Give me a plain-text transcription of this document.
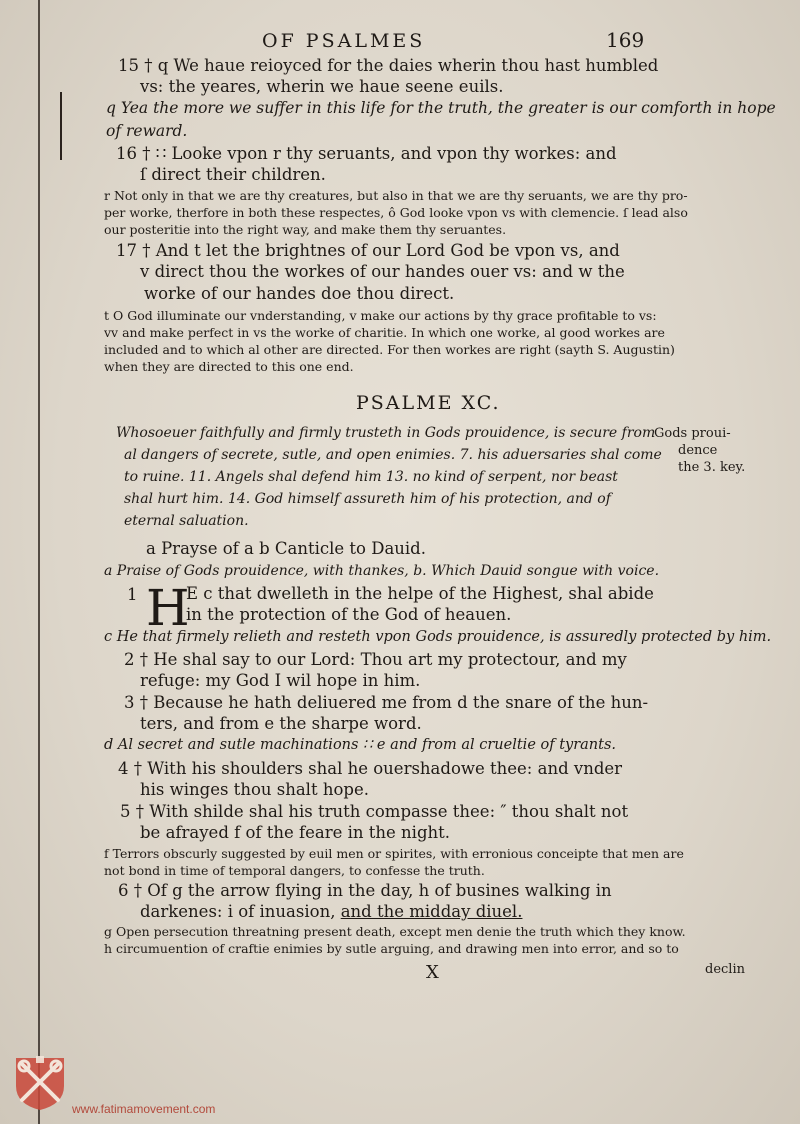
OF PSALMES	169
15 † q We haue reioyced for the daies wherin thou hast humbled
vs: the yeares, wherin we haue seene euils.
q Yea the more we suffer in this life for the truth, the greater is our comforth in hope
of reward.
16 † ∷ Looke vpon r thy seruants, and vpon thy workes: and
ſ direct their children.
r Not only in that we are thy creatures, but also in that we are thy seruants, we are thy pro-
per worke, therfore in both these respectes, ô God looke vpon vs with clemencie. ſ lead also
our posteritie into the right way, and make them thy seruantes.
17 † And t let the brightnes of our Lord God be vpon vs, and
v direct thou the workes of our handes ouer vs: and w the
worke of our handes doe thou direct.
t O God illuminate our vnderstanding, v make our actions by thy grace profitable to vs:
vv and make perfect in vs the worke of charitie. In which one worke, al good workes are
included and to which al other are directed. For then workes are right (sayth S. Augustin)
when they are directed to this one end.
PSALME XC.
Whosoeuer faithfully and firmly trusteth in Gods prouidence, is secure from
al dangers of secrete, sutle, and open enimies. 7. his aduersaries shal come
to ruine. 11. Angels shal defend him 13. no kind of serpent, nor beast
shal hurt him. 14. God himself assureth him of his protection, and of
eternal saluation.
Gods proui-
dence
the 3. key.
a Prayse of a b Canticle to Dauid.
a Praise of Gods prouidence, with thankes, b. Which Dauid songue with voice.
1 H
E c that dwelleth in the helpe of the Highest, shal abide
in the protection of the God of heauen.
c He that firmely relieth and resteth vpon Gods prouidence, is assuredly protected by him.
2 † He shal say to our Lord: Thou art my protectour, and my
refuge: my God I wil hope in him.
3 † Because he hath deliuered me from d the snare of the hun-
ters, and from e the sharpe word.
d Al secret and sutle machinations ∷ e and from al crueltie of tyrants.
4 † With his shoulders shal he ouershadowe thee: and vnder
his winges thou shalt hope.
5 † With shilde shal his truth compasse thee: ″ thou shalt not
be afrayed f of the feare in the night.
f Terrors obscurly suggested by euil men or spirites, with erronious conceipte that men are
not bond in time of temporal dangers, to confesse the truth.
6 † Of g the arrow flying in the day, h of busines walking in
darkenes: i of inuasion, and the midday diuel.
g Open persecution threatning present death, except men denie the truth which they know.
h circumuention of craftie enimies by sutle arguing, and drawing men into error, and so to
X	declin
www.fatimamovement.com
